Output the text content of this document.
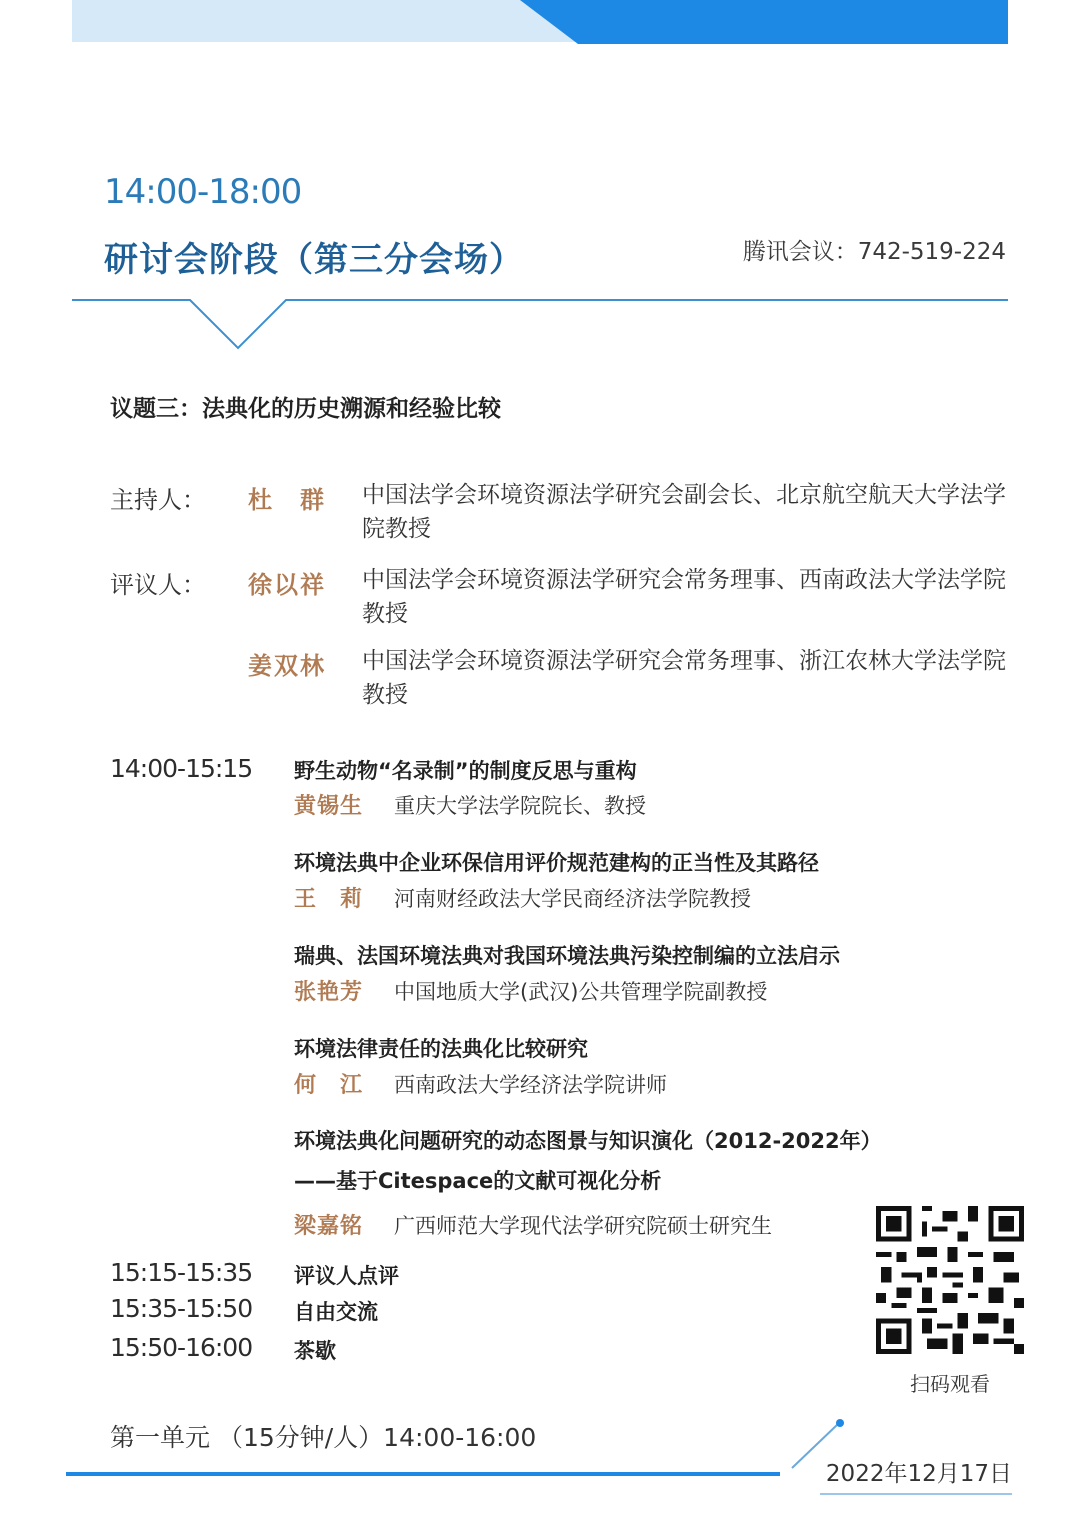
14:00-18:00
研讨会阶段（第三分会场）	腾讯会议：742-519-224
议题三：法典化的历史溯源和经验比较
主持人： 杜　群 中国法学会环境资源法学研究会副会长、北京航空航天大学法学院教授
评议人： 徐以祥 中国法学会环境资源法学研究会常务理事、西南政法大学法学院教授
姜双林 中国法学会环境资源法学研究会常务理事、浙江农林大学法学院教授
14:00-15:15 野生动物“名录制”的制度反思与重构
黄锡生 重庆大学法学院院长、教授
环境法典中企业环保信用评价规范建构的正当性及其路径
王　莉 河南财经政法大学民商经济法学院教授
瑞典、法国环境法典对我国环境法典污染控制编的立法启示
张艳芳 中国地质大学(武汉)公共管理学院副教授
环境法律责任的法典化比较研究
何　江 西南政法大学经济法学院讲师
环境法典化问题研究的动态图景与知识演化（2012-2022年）
——基于Citespace的文献可视化分析
梁嘉铭 广西师范大学现代法学研究院硕士研究生
15:15-15:35 评议人点评
15:35-15:50 自由交流
15:50-16:00 茶歇
扫码观看
第一单元 （15分钟/人）14:00-16:00
2022年12月17日
